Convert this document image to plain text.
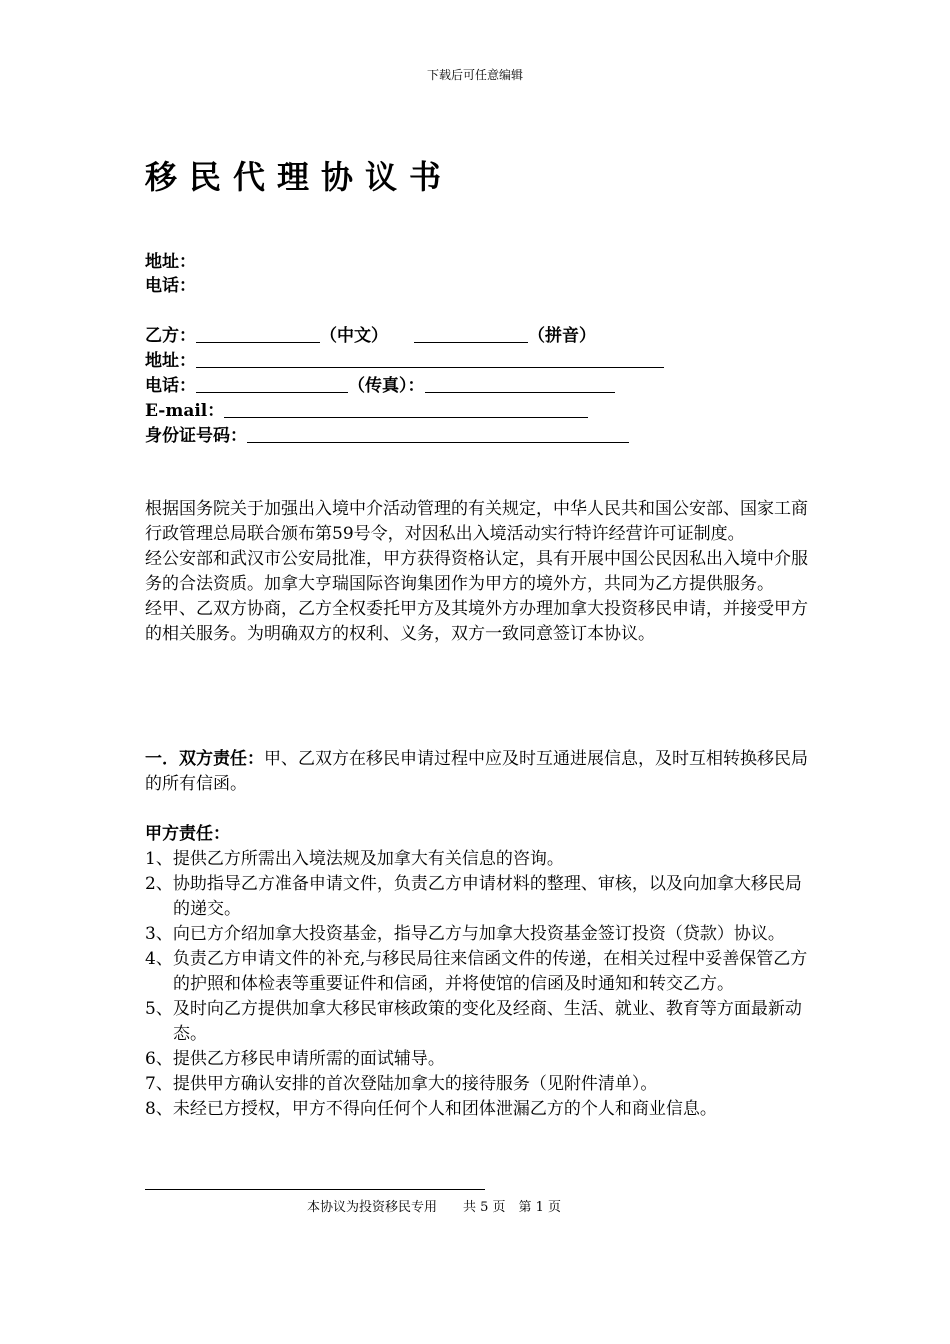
下载后可任意编辑
移民代理协议书
地址：
电话：
乙方：	（中文）	（拼音）
地址：
电话：	（传真）：
E-mail：
身份证号码：

根据国务院关于加强出入境中介活动管理的有关规定，中华人民共和国公安部、国家工商行政管理总局联合颁布第59号令，对因私出入境活动实行特许经营许可证制度。

经公安部和武汉市公安局批准，甲方获得资格认定，具有开展中国公民因私出入境中介服务的合法资质。加拿大亨瑞国际咨询集团作为甲方的境外方，共同为乙方提供服务。

经甲、乙双方协商，乙方全权委托甲方及其境外方办理加拿大投资移民申请，并接受甲方的相关服务。为明确双方的权利、义务，双方一致同意签订本协议。

一．双方责任：甲、乙双方在移民申请过程中应及时互通进展信息，及时互相转换移民局的所有信函。

甲方责任：

1、提供乙方所需出入境法规及加拿大有关信息的咨询。
2、协助指导乙方准备申请文件，负责乙方申请材料的整理、审核，以及向加拿大移民局的递交。
3、向已方介绍加拿大投资基金，指导乙方与加拿大投资基金签订投资（贷款）协议。
4、负责乙方申请文件的补充,与移民局往来信函文件的传递，在相关过程中妥善保管乙方的护照和体检表等重要证件和信函，并将使馆的信函及时通知和转交乙方。
5、及时向乙方提供加拿大移民审核政策的变化及经商、生活、就业、教育等方面最新动态。
6、提供乙方移民申请所需的面试辅导。
7、提供甲方确认安排的首次登陆加拿大的接待服务（见附件清单）。
8、未经已方授权，甲方不得向任何个人和团体泄漏乙方的个人和商业信息。
本协议为投资移民专用　　共 5 页　第 1 页
